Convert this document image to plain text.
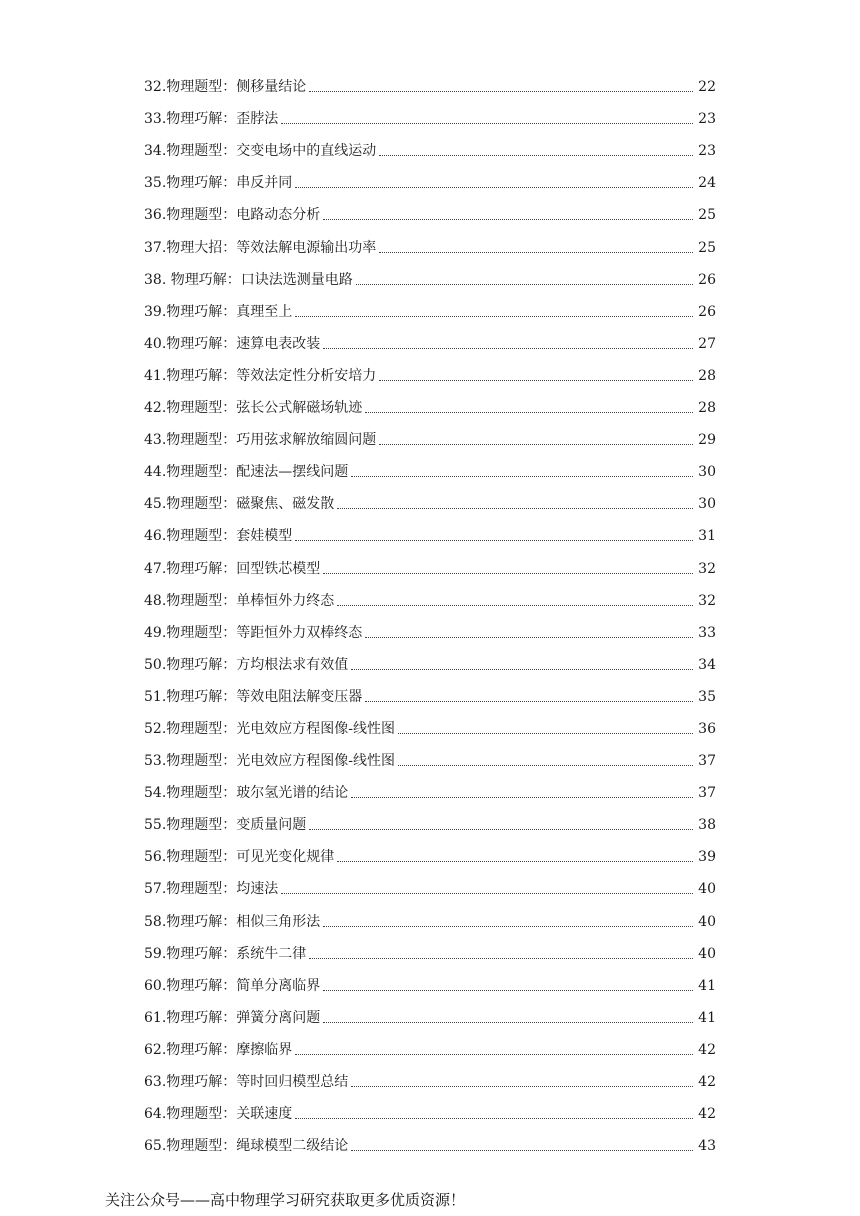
32.物理题型：侧移量结论	22
33.物理巧解：歪脖法	23
34.物理题型：交变电场中的直线运动	23
35.物理巧解：串反并同	24
36.物理题型：电路动态分析	25
37.物理大招：等效法解电源输出功率	25
38. 物理巧解：口诀法选测量电路	26
39.物理巧解：真理至上	26
40.物理巧解：速算电表改装	27
41.物理巧解：等效法定性分析安培力	28
42.物理题型：弦长公式解磁场轨迹	28
43.物理题型：巧用弦求解放缩圆问题	29
44.物理题型：配速法—摆线问题	30
45.物理题型：磁聚焦、磁发散	30
46.物理题型：套娃模型	31
47.物理巧解：回型铁芯模型	32
48.物理题型：单棒恒外力终态	32
49.物理题型：等距恒外力双棒终态	33
50.物理巧解：方均根法求有效值	34
51.物理巧解：等效电阻法解变压器	35
52.物理题型：光电效应方程图像-线性图	36
53.物理题型：光电效应方程图像-线性图	37
54.物理题型：玻尔氢光谱的结论	37
55.物理题型：变质量问题	38
56.物理题型：可见光变化规律	39
57.物理题型：均速法	40
58.物理巧解：相似三角形法	40
59.物理巧解：系统牛二律	40
60.物理巧解：简单分离临界	41
61.物理巧解：弹簧分离问题	41
62.物理巧解：摩擦临界	42
63.物理巧解：等时回归模型总结	42
64.物理题型：关联速度	42
65.物理题型：绳球模型二级结论	43
关注公众号——高中物理学习研究获取更多优质资源！
